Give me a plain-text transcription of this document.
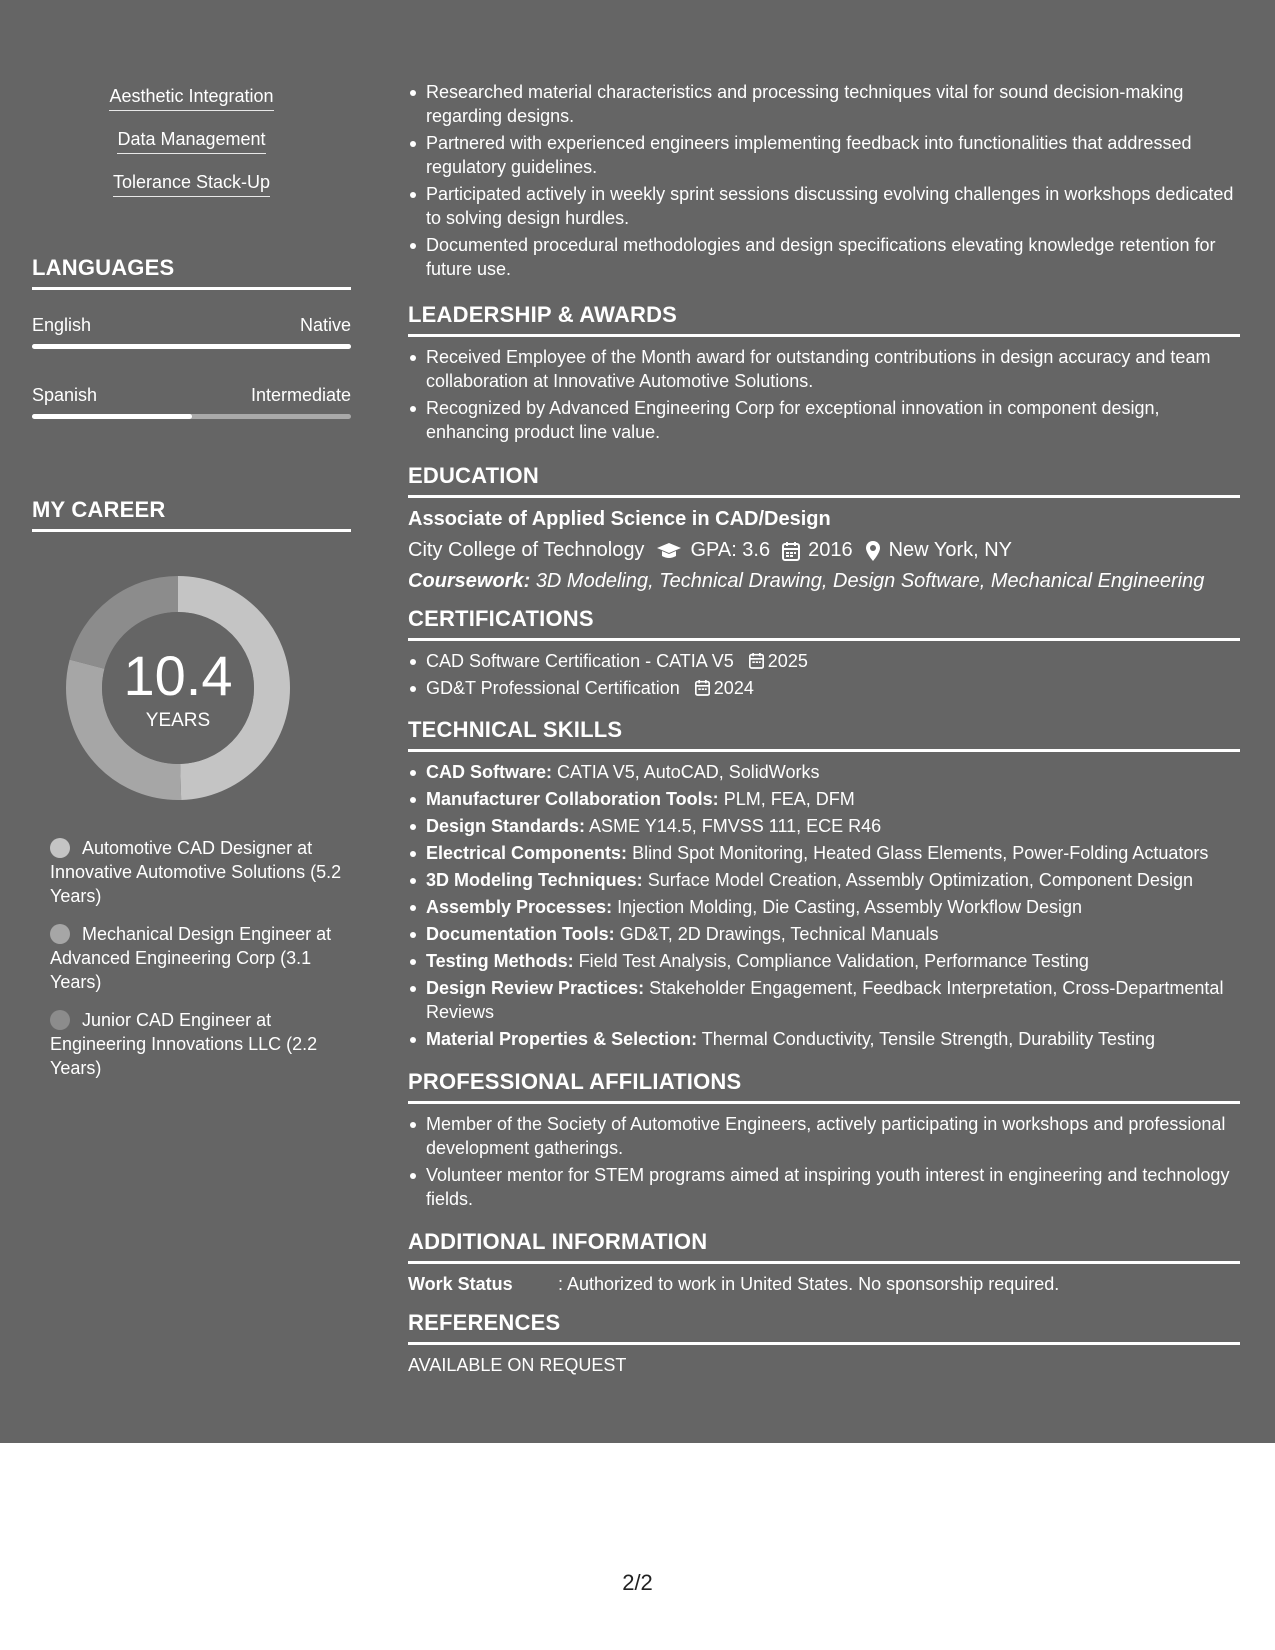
Aesthetic Integration
Data Management
Tolerance Stack-Up
LANGUAGES
English	Native
Spanish	Intermediate
MY CAREER
10.4
YEARS
Automotive CAD Designer at Innovative Automotive Solutions (5.2 Years)
Mechanical Design Engineer at Advanced Engineering Corp (3.1 Years)
Junior CAD Engineer at Engineering Innovations LLC (2.2 Years)
Researched material characteristics and processing techniques vital for sound decision-making regarding designs.
Partnered with experienced engineers implementing feedback into functionalities that addressed regulatory guidelines.
Participated actively in weekly sprint sessions discussing evolving challenges in workshops dedicated to solving design hurdles.
Documented procedural methodologies and design specifications elevating knowledge retention for future use.
LEADERSHIP & AWARDS
Received Employee of the Month award for outstanding contributions in design accuracy and team collaboration at Innovative Automotive Solutions.
Recognized by Advanced Engineering Corp for exceptional innovation in component design, enhancing product line value.
EDUCATION
Associate of Applied Science in CAD/Design
City College of Technology GPA: 3.6 2016 New York, NY
Coursework: 3D Modeling, Technical Drawing, Design Software, Mechanical Engineering
CERTIFICATIONS
CAD Software Certification - CATIA V5 2025
GD&T Professional Certification 2024
TECHNICAL SKILLS
CAD Software: CATIA V5, AutoCAD, SolidWorks
Manufacturer Collaboration Tools: PLM, FEA, DFM
Design Standards: ASME Y14.5, FMVSS 111, ECE R46
Electrical Components: Blind Spot Monitoring, Heated Glass Elements, Power-Folding Actuators
3D Modeling Techniques: Surface Model Creation, Assembly Optimization, Component Design
Assembly Processes: Injection Molding, Die Casting, Assembly Workflow Design
Documentation Tools: GD&T, 2D Drawings, Technical Manuals
Testing Methods: Field Test Analysis, Compliance Validation, Performance Testing
Design Review Practices: Stakeholder Engagement, Feedback Interpretation, Cross-Departmental Reviews
Material Properties & Selection: Thermal Conductivity, Tensile Strength, Durability Testing
PROFESSIONAL AFFILIATIONS
Member of the Society of Automotive Engineers, actively participating in workshops and professional development gatherings.
Volunteer mentor for STEM programs aimed at inspiring youth interest in engineering and technology fields.
ADDITIONAL INFORMATION
Work Status	: Authorized to work in United States. No sponsorship required.
REFERENCES
AVAILABLE ON REQUEST
2/2
